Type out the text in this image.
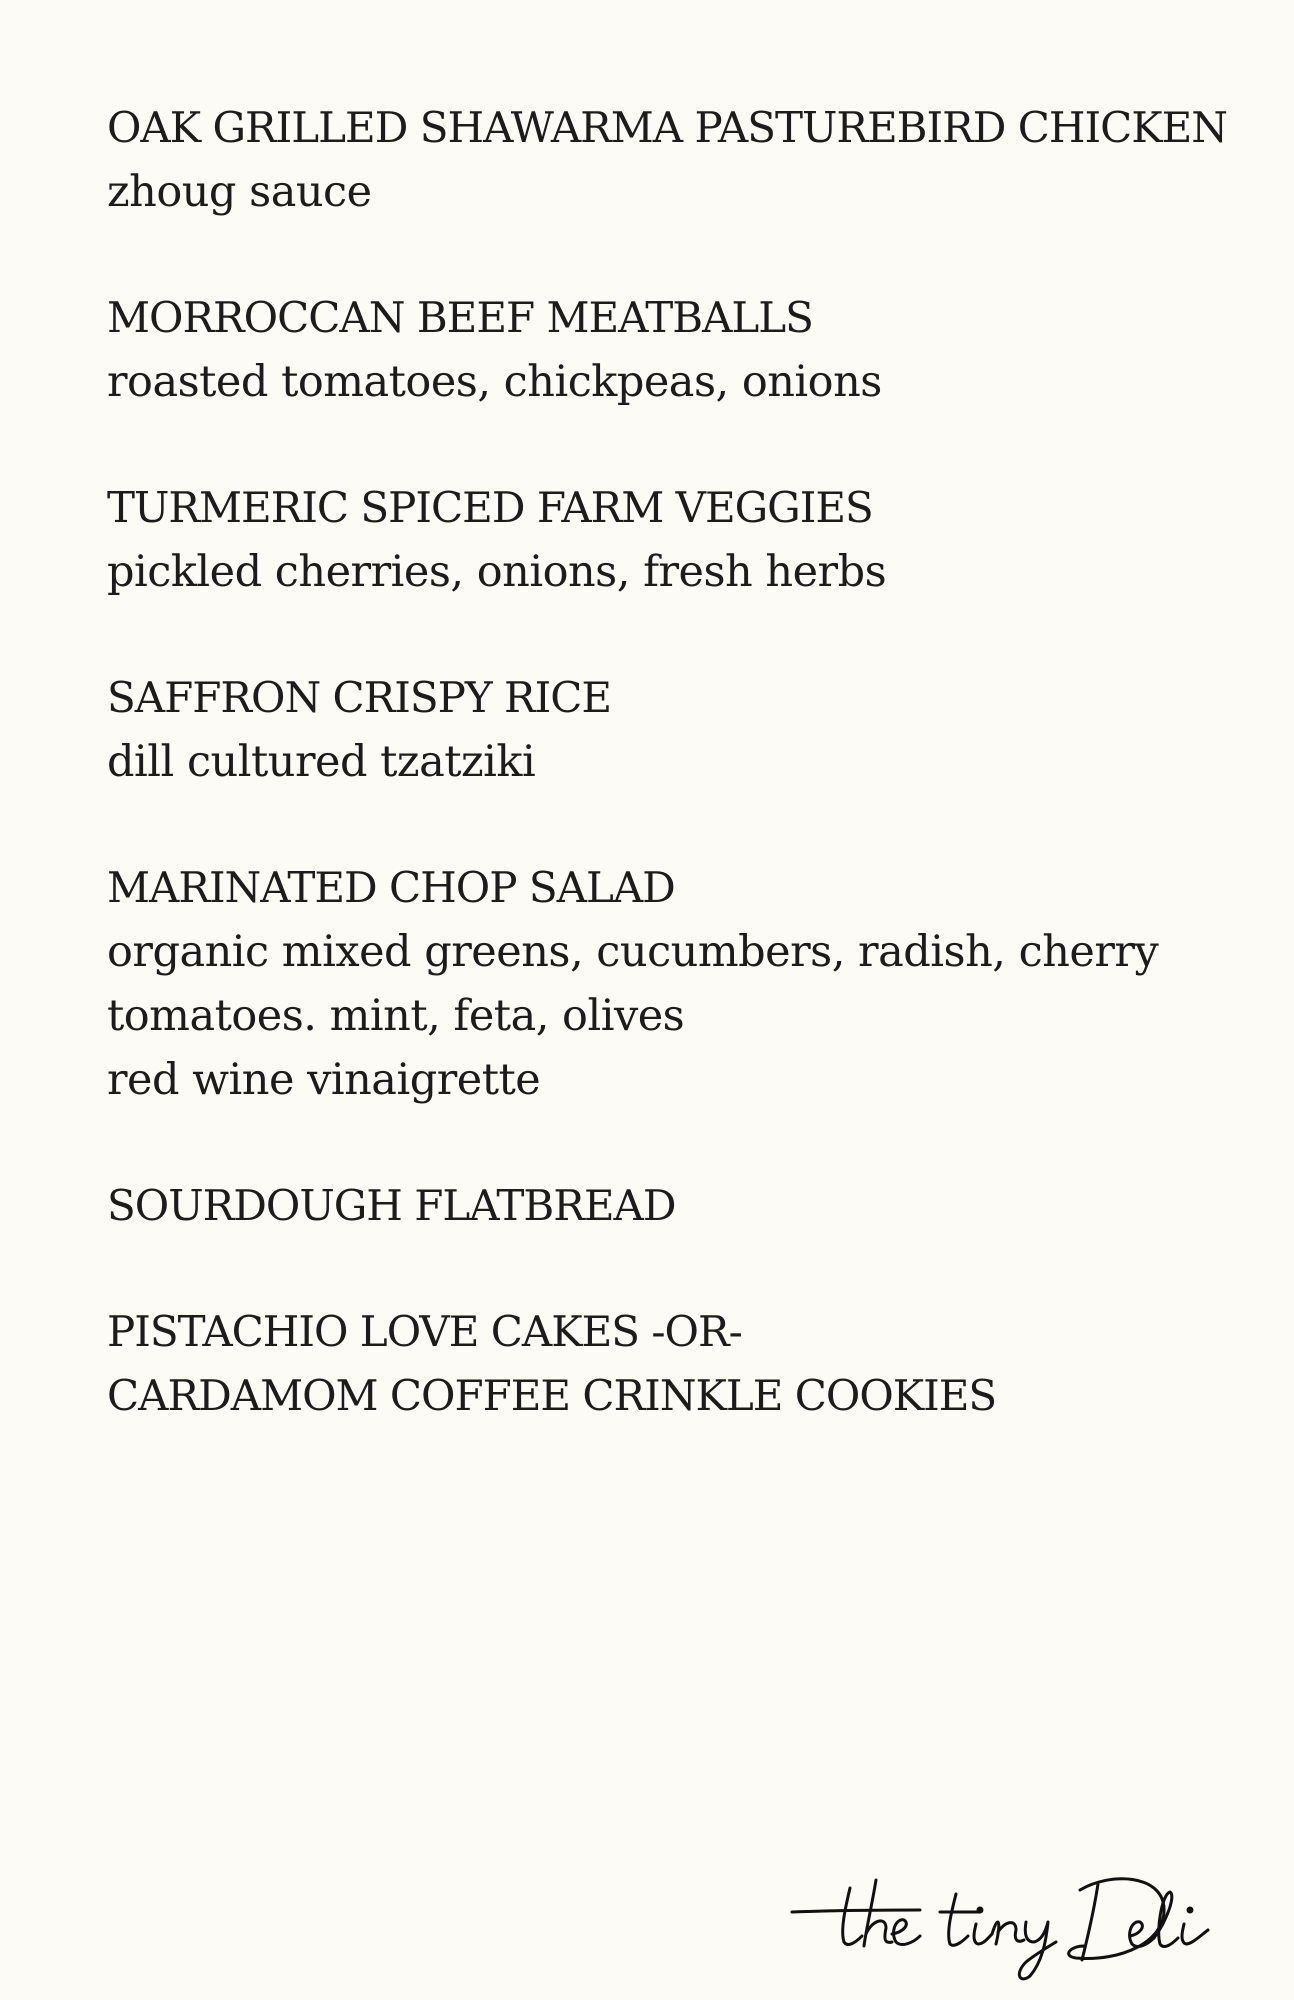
OAK GRILLED SHAWARMA PASTUREBIRD CHICKEN
zhoug sauce
MORROCCAN BEEF MEATBALLS
roasted tomatoes, chickpeas, onions
TURMERIC SPICED FARM VEGGIES
pickled cherries, onions, fresh herbs
SAFFRON CRISPY RICE
dill cultured tzatziki
MARINATED CHOP SALAD
organic mixed greens, cucumbers, radish, cherry
tomatoes. mint, feta, olives
red wine vinaigrette
SOURDOUGH FLATBREAD
PISTACHIO LOVE CAKES -OR-
CARDAMOM COFFEE CRINKLE COOKIES
